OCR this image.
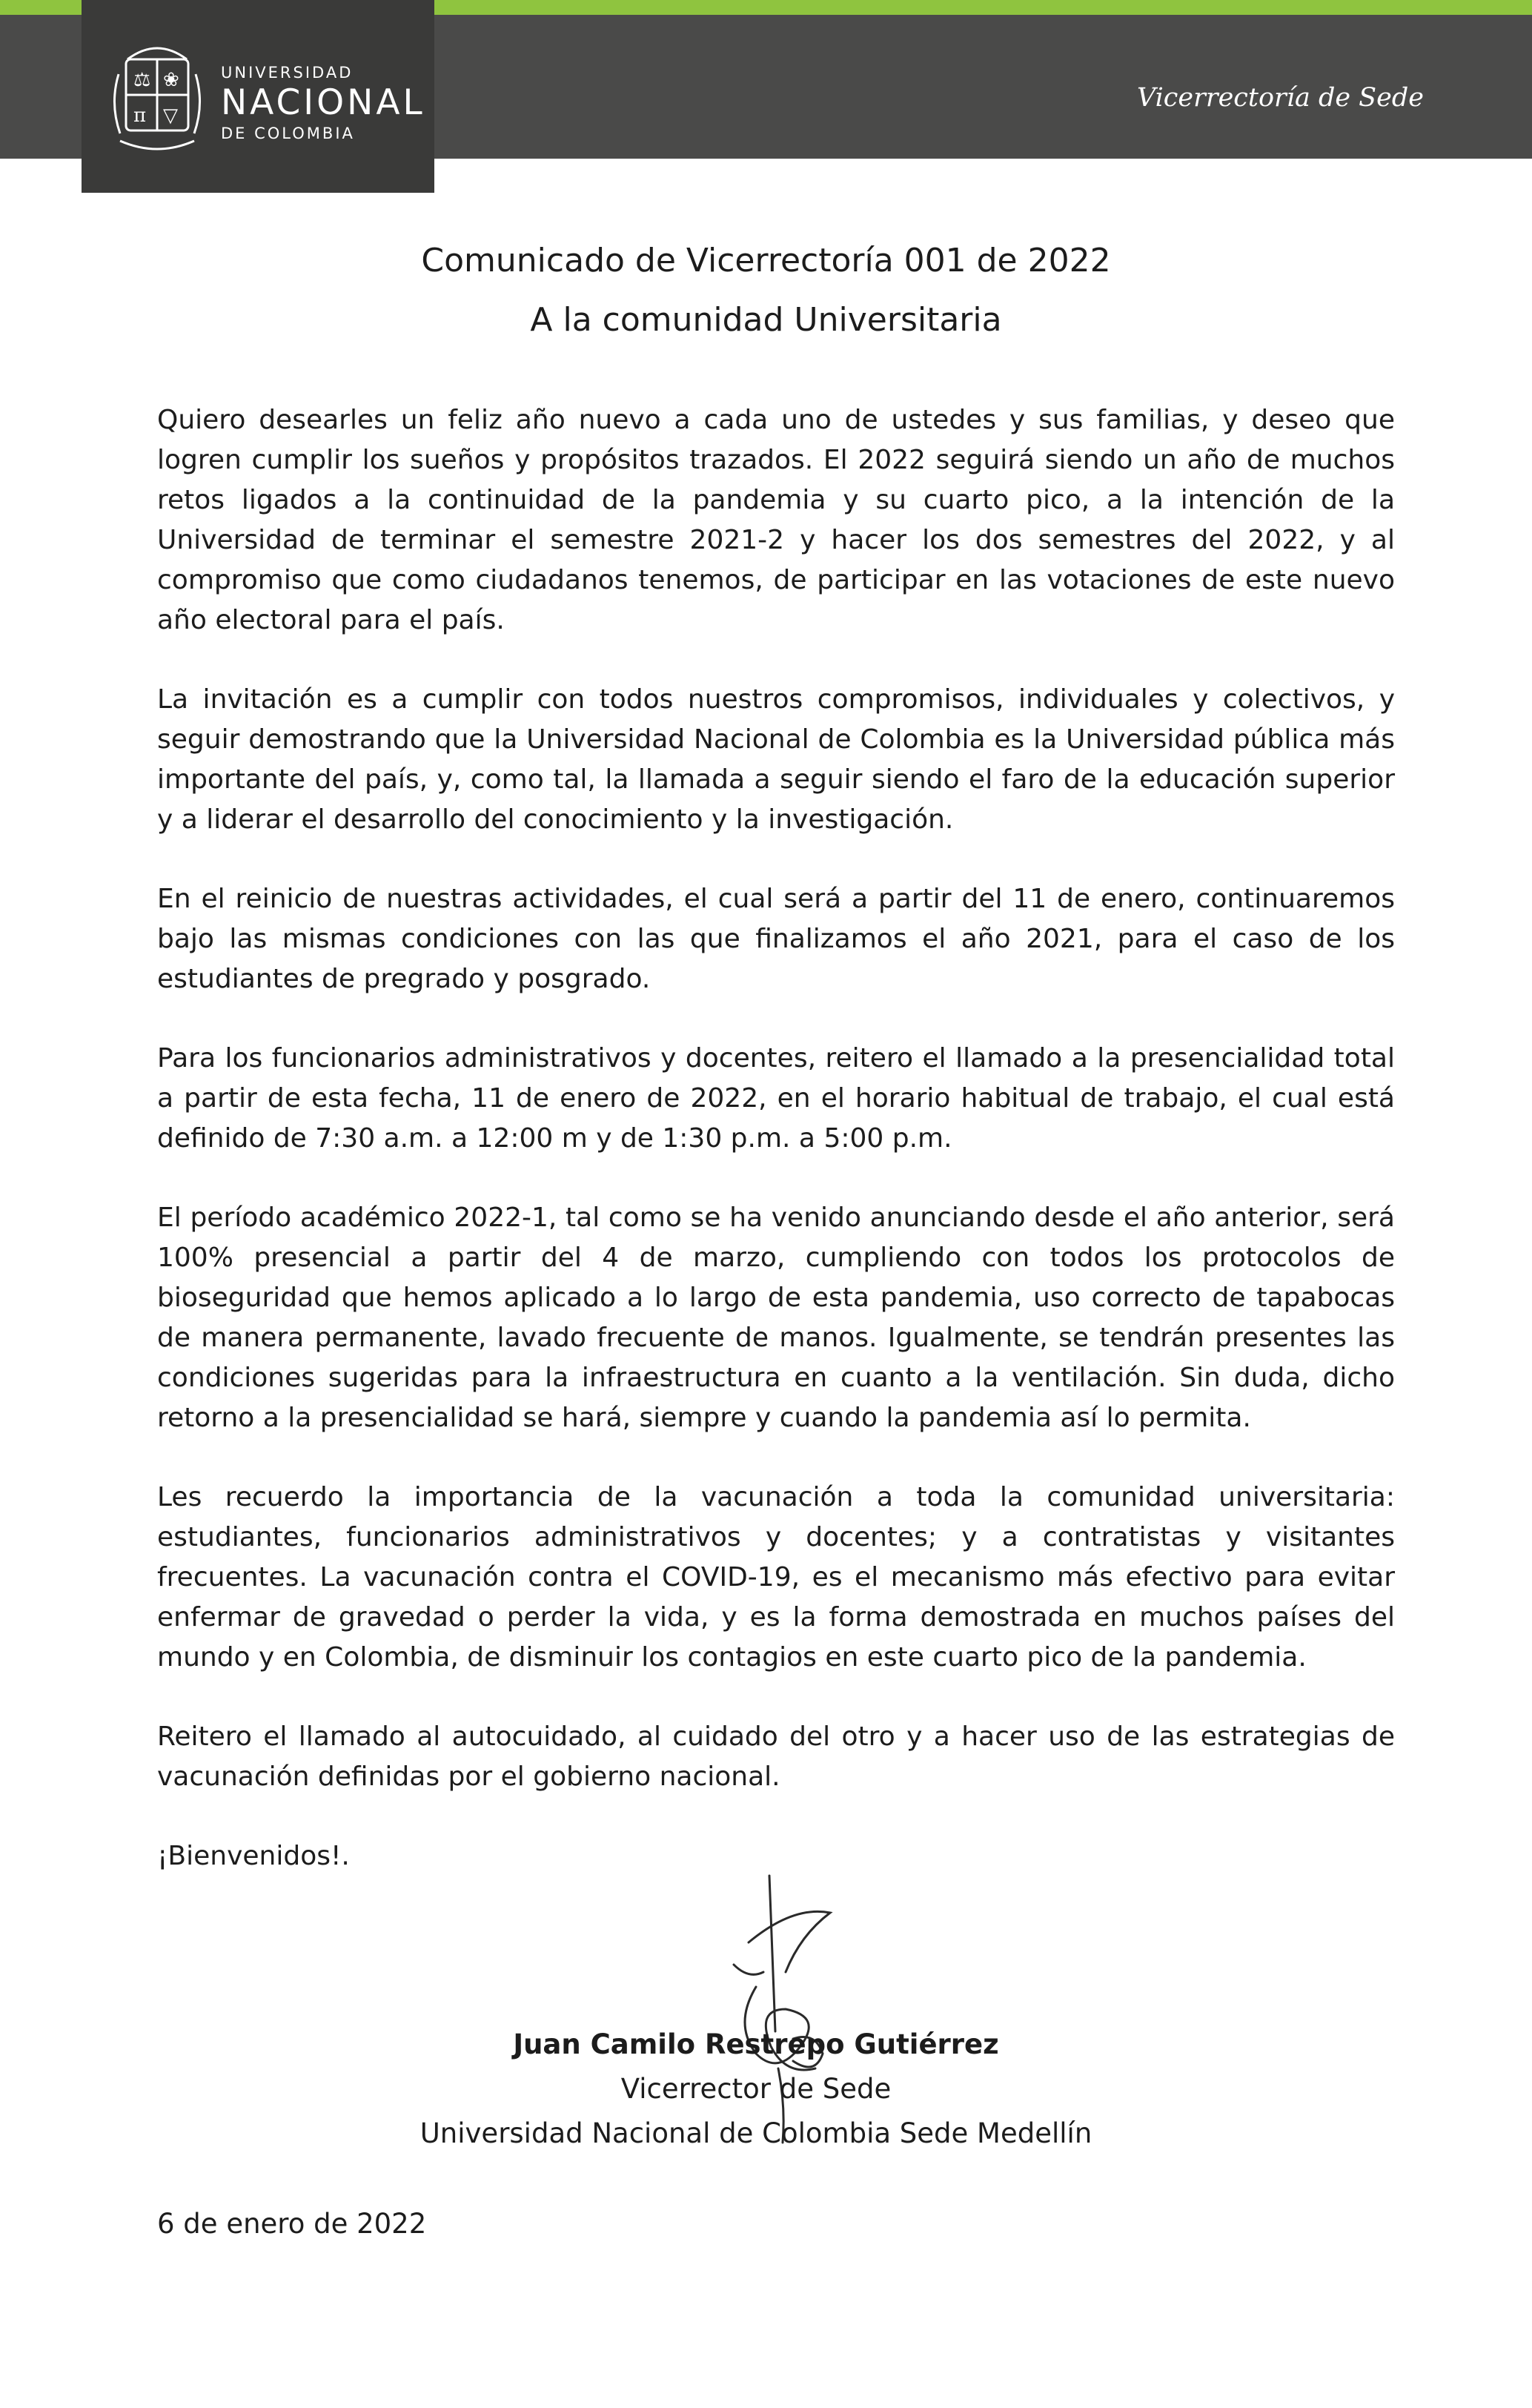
Vicerrectoría de Sede
⚖ ❀
π ▽
UNIVERSIDAD
NACIONAL
DE COLOMBIA
Comunicado de Vicerrectoría 001 de 2022
A la comunidad Universitaria

Quiero desearles un feliz año nuevo a cada uno de ustedes y sus familias, y deseo que logren cumplir los sueños y propósitos trazados. El 2022 seguirá siendo un año de muchos retos ligados a la continuidad de la pandemia y su cuarto pico, a la intención de la Universidad de terminar el semestre 2021-2 y hacer los dos semestres del 2022, y al compromiso que como ciudadanos tenemos, de participar en las votaciones de este nuevo año electoral para el país.

La invitación es a cumplir con todos nuestros compromisos, individuales y colectivos, y seguir demostrando que la Universidad Nacional de Colombia es la Universidad pública más importante del país, y, como tal, la llamada a seguir siendo el faro de la educación superior y a liderar el desarrollo del conocimiento y la investigación.

En el reinicio de nuestras actividades, el cual será a partir del 11 de enero, continuaremos bajo las mismas condiciones con las que finalizamos el año 2021, para el caso de los estudiantes de pregrado y posgrado.

Para los funcionarios administrativos y docentes, reitero el llamado a la presencialidad total a partir de esta fecha, 11 de enero de 2022, en el horario habitual de trabajo, el cual está definido de 7:30 a.m. a 12:00 m y de 1:30 p.m. a 5:00 p.m.

El período académico 2022-1, tal como se ha venido anunciando desde el año anterior, será 100% presencial a partir del 4 de marzo, cumpliendo con todos los protocolos de bioseguridad que hemos aplicado a lo largo de esta pandemia, uso correcto de tapabocas de manera permanente, lavado frecuente de manos. Igualmente, se tendrán presentes las condiciones sugeridas para la infraestructura en cuanto a la ventilación. Sin duda, dicho retorno a la presencialidad se hará, siempre y cuando la pandemia así lo permita.

Les recuerdo la importancia de la vacunación a toda la comunidad universitaria: estudiantes, funcionarios administrativos y docentes; y a contratistas y visitantes frecuentes. La vacunación contra el COVID-19, es el mecanismo más efectivo para evitar enfermar de gravedad o perder la vida, y es la forma demostrada en muchos países del mundo y en Colombia, de disminuir los contagios en este cuarto pico de la pandemia.

Reitero el llamado al autocuidado, al cuidado del otro y a hacer uso de las estrategias de vacunación definidas por el gobierno nacional.

¡Bienvenidos!.

Juan Camilo Restrepo Gutiérrez
Vicerrector de Sede
Universidad Nacional de Colombia Sede Medellín
6 de enero de 2022
